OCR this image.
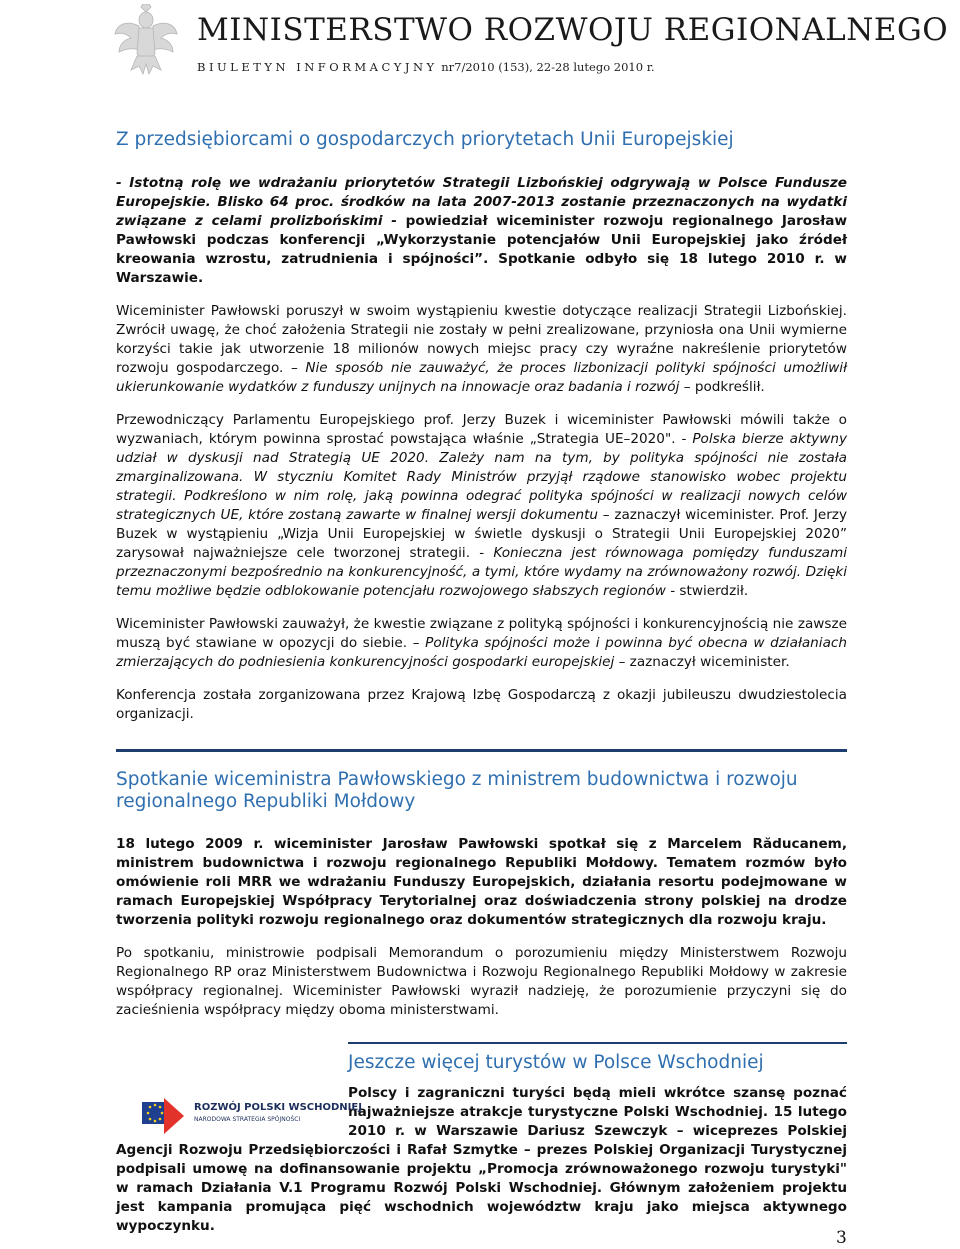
MINISTERSTWO ROZWOJU REGIONALNEGO
BIULETYN INFORMACYJNY nr7/2010 (153), 22-28 lutego 2010 r.
Z przedsiębiorcami o gospodarczych priorytetach Unii Europejskiej

- Istotną rolę we wdrażaniu priorytetów Strategii Lizbońskiej odgrywają w Polsce Fundusze Europejskie. Blisko 64 proc. środków na lata 2007-2013 zostanie przeznaczonych na wydatki związane z celami prolizbońskimi - powiedział wiceminister rozwoju regionalnego Jarosław Pawłowski podczas konferencji „Wykorzystanie potencjałów Unii Europejskiej jako źródeł kreowania wzrostu, zatrudnienia i spójności”. Spotkanie odbyło się 18 lutego 2010 r. w Warszawie.

Wiceminister Pawłowski poruszył w swoim wystąpieniu kwestie dotyczące realizacji Strategii Lizbońskiej. Zwrócił uwagę, że choć założenia Strategii nie zostały w pełni zrealizowane, przyniosła ona Unii wymierne korzyści takie jak utworzenie 18 milionów nowych miejsc pracy czy wyraźne nakreślenie priorytetów rozwoju gospodarczego. – Nie sposób nie zauważyć, że proces lizbonizacji polityki spójności umożliwił ukierunkowanie wydatków z funduszy unijnych na innowacje oraz badania i rozwój – podkreślił.

Przewodniczący Parlamentu Europejskiego prof. Jerzy Buzek i wiceminister Pawłowski mówili także o wyzwaniach, którym powinna sprostać powstająca właśnie „Strategia UE–2020". - Polska bierze aktywny udział w dyskusji nad Strategią UE 2020. Zależy nam na tym, by polityka spójności nie została zmarginalizowana. W styczniu Komitet Rady Ministrów przyjął rządowe stanowisko wobec projektu strategii. Podkreślono w nim rolę, jaką powinna odegrać polityka spójności w realizacji nowych celów strategicznych UE, które zostaną zawarte w finalnej wersji dokumentu – zaznaczył wiceminister. Prof. Jerzy Buzek w wystąpieniu „Wizja Unii Europejskiej w świetle dyskusji o Strategii Unii Europejskiej 2020” zarysował najważniejsze cele tworzonej strategii. - Konieczna jest równowaga pomiędzy funduszami przeznaczonymi bezpośrednio na konkurencyjność, a tymi, które wydamy na zrównoważony rozwój. Dzięki temu możliwe będzie odblokowanie potencjału rozwojowego słabszych regionów - stwierdził.

Wiceminister Pawłowski zauważył, że kwestie związane z polityką spójności i konkurencyjnością nie zawsze muszą być stawiane w opozycji do siebie. – Polityka spójności może i powinna być obecna w działaniach zmierzających do podniesienia konkurencyjności gospodarki europejskiej – zaznaczył wiceminister.

Konferencja została zorganizowana przez Krajową Izbę Gospodarczą z okazji jubileuszu dwudziestolecia organizacji.

Spotkanie wiceministra Pawłowskiego z ministrem budownictwa i rozwoju regionalnego Republiki Mołdowy

18 lutego 2009 r. wiceminister Jarosław Pawłowski spotkał się z Marcelem Răducanem, ministrem budownictwa i rozwoju regionalnego Republiki Mołdowy. Tematem rozmów było omówienie roli MRR we wdrażaniu Funduszy Europejskich, działania resortu podejmowane w ramach Europejskiej Współpracy Terytorialnej oraz doświadczenia strony polskiej na drodze tworzenia polityki rozwoju regionalnego oraz dokumentów strategicznych dla rozwoju kraju.

Po spotkaniu, ministrowie podpisali Memorandum o porozumieniu między Ministerstwem Rozwoju Regionalnego RP oraz Ministerstwem Budownictwa i Rozwoju Regionalnego Republiki Mołdowy w zakresie współpracy regionalnej. Wiceminister Pawłowski wyraził nadzieję, że porozumienie przyczyni się do zacieśnienia współpracy między oboma ministerstwami.

ROZWÓJ POLSKI WSCHODNIEJ
NARODOWA STRATEGIA SPÓJNOŚCI
Jeszcze więcej turystów w Polsce Wschodniej
Polscy i zagraniczni turyści będą mieli wkrótce szansę poznać najważniejsze atrakcje turystyczne Polski Wschodniej. 15 lutego 2010 r. w Warszawie Dariusz Szewczyk – wiceprezes Polskiej Agencji Rozwoju Przedsiębiorczości i Rafał Szmytke – prezes Polskiej Organizacji Turystycznej podpisali umowę na dofinansowanie projektu „Promocja zrównoważonego rozwoju turystyki" w ramach Działania V.1 Programu Rozwój Polski Wschodniej. Głównym założeniem projektu jest kampania promująca pięć wschodnich województw kraju jako miejsca aktywnego wypoczynku.
3
